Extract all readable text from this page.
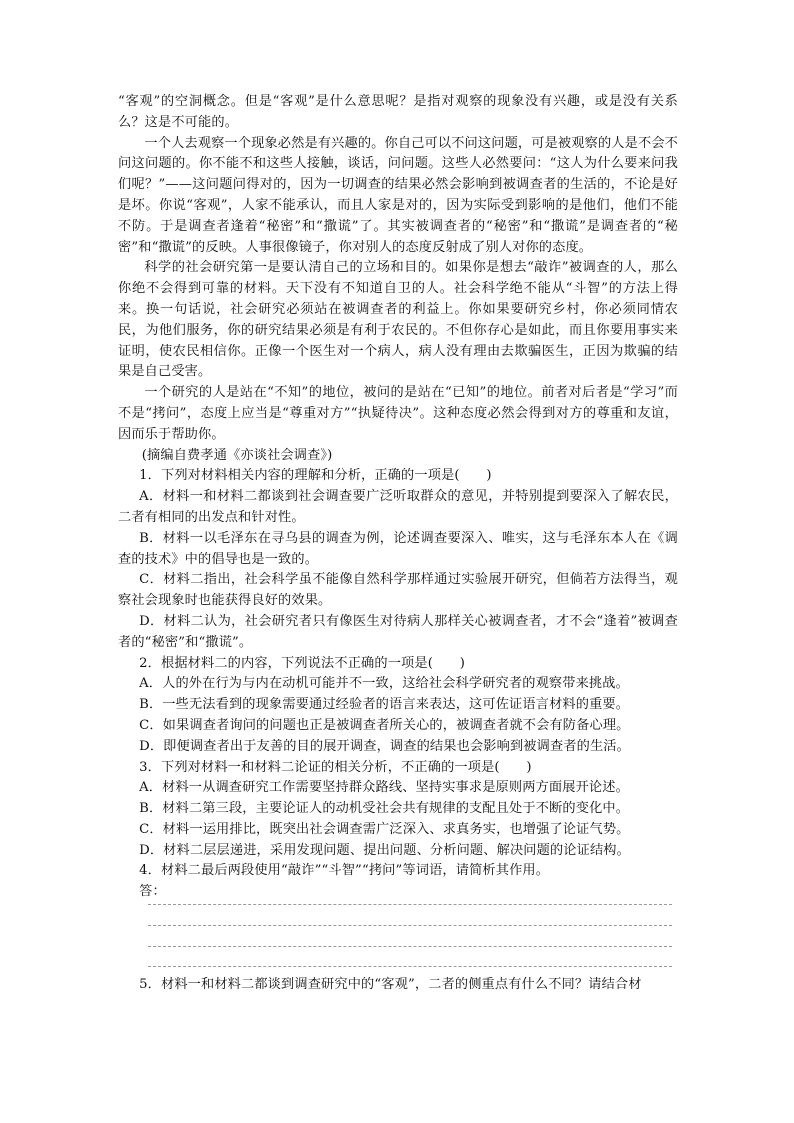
“客观”的空洞概念。但是“客观”是什么意思呢？是指对观察的现象没有兴趣，或是没有关系么？这是不可能的。

一个人去观察一个现象必然是有兴趣的。你自己可以不问这问题，可是被观察的人是不会不问这问题的。你不能不和这些人接触，谈话，问问题。这些人必然要问：“这人为什么要来问我们呢？”——这问题问得对的，因为一切调查的结果必然会影响到被调查者的生活的，不论是好是坏。你说“客观”，人家不能承认，而且人家是对的，因为实际受到影响的是他们，他们不能不防。于是调查者逢着“秘密”和“撒谎”了。其实被调查者的“秘密”和“撒谎”是调查者的“秘密”和“撒谎”的反映。人事很像镜子，你对别人的态度反射成了别人对你的态度。

科学的社会研究第一是要认清自己的立场和目的。如果你是想去“敲诈”被调查的人，那么你绝不会得到可靠的材料。天下没有不知道自卫的人。社会科学绝不能从“斗智”的方法上得来。换一句话说，社会研究必须站在被调查者的利益上。你如果要研究乡村，你必须同情农民，为他们服务，你的研究结果必须是有利于农民的。不但你存心是如此，而且你要用事实来证明，使农民相信你。正像一个医生对一个病人，病人没有理由去欺骗医生，正因为欺骗的结果是自己受害。

一个研究的人是站在“不知”的地位，被问的是站在“已知”的地位。前者对后者是“学习”而不是“拷问”，态度上应当是“尊重对方”“执疑待决”。这种态度必然会得到对方的尊重和友谊，因而乐于帮助你。

(摘编自费孝通《亦谈社会调查》)

1．下列对材料相关内容的理解和分析，正确的一项是(　　)

A．材料一和材料二都谈到社会调查要广泛听取群众的意见，并特别提到要深入了解农民，二者有相同的出发点和针对性。

B．材料一以毛泽东在寻乌县的调查为例，论述调查要深入、唯实，这与毛泽东本人在《调查的技术》中的倡导也是一致的。

C．材料二指出，社会科学虽不能像自然科学那样通过实验展开研究，但倘若方法得当，观察社会现象时也能获得良好的效果。

D．材料二认为，社会研究者只有像医生对待病人那样关心被调查者，才不会“逢着”被调查者的“秘密”和“撒谎”。

2．根据材料二的内容，下列说法不正确的一项是(　　)

A．人的外在行为与内在动机可能并不一致，这给社会科学研究者的观察带来挑战。

B．一些无法看到的现象需要通过经验者的语言来表达，这可佐证语言材料的重要。

C．如果调查者询问的问题也正是被调查者所关心的，被调查者就不会有防备心理。

D．即便调查者出于友善的目的展开调查，调查的结果也会影响到被调查者的生活。

3．下列对材料一和材料二论证的相关分析，不正确的一项是(　　)

A．材料一从调查研究工作需要坚持群众路线、坚持实事求是原则两方面展开论述。

B．材料二第三段，主要论证人的动机受社会共有规律的支配且处于不断的变化中。

C．材料一运用排比，既突出社会调查需广泛深入、求真务实，也增强了论证气势。

D．材料二层层递进，采用发现问题、提出问题、分析问题、解决问题的论证结构。

4．材料二最后两段使用“敲诈”“斗智”“拷问”等词语，请简析其作用。

答：

5．材料一和材料二都谈到调查研究中的“客观”，二者的侧重点有什么不同？请结合材
